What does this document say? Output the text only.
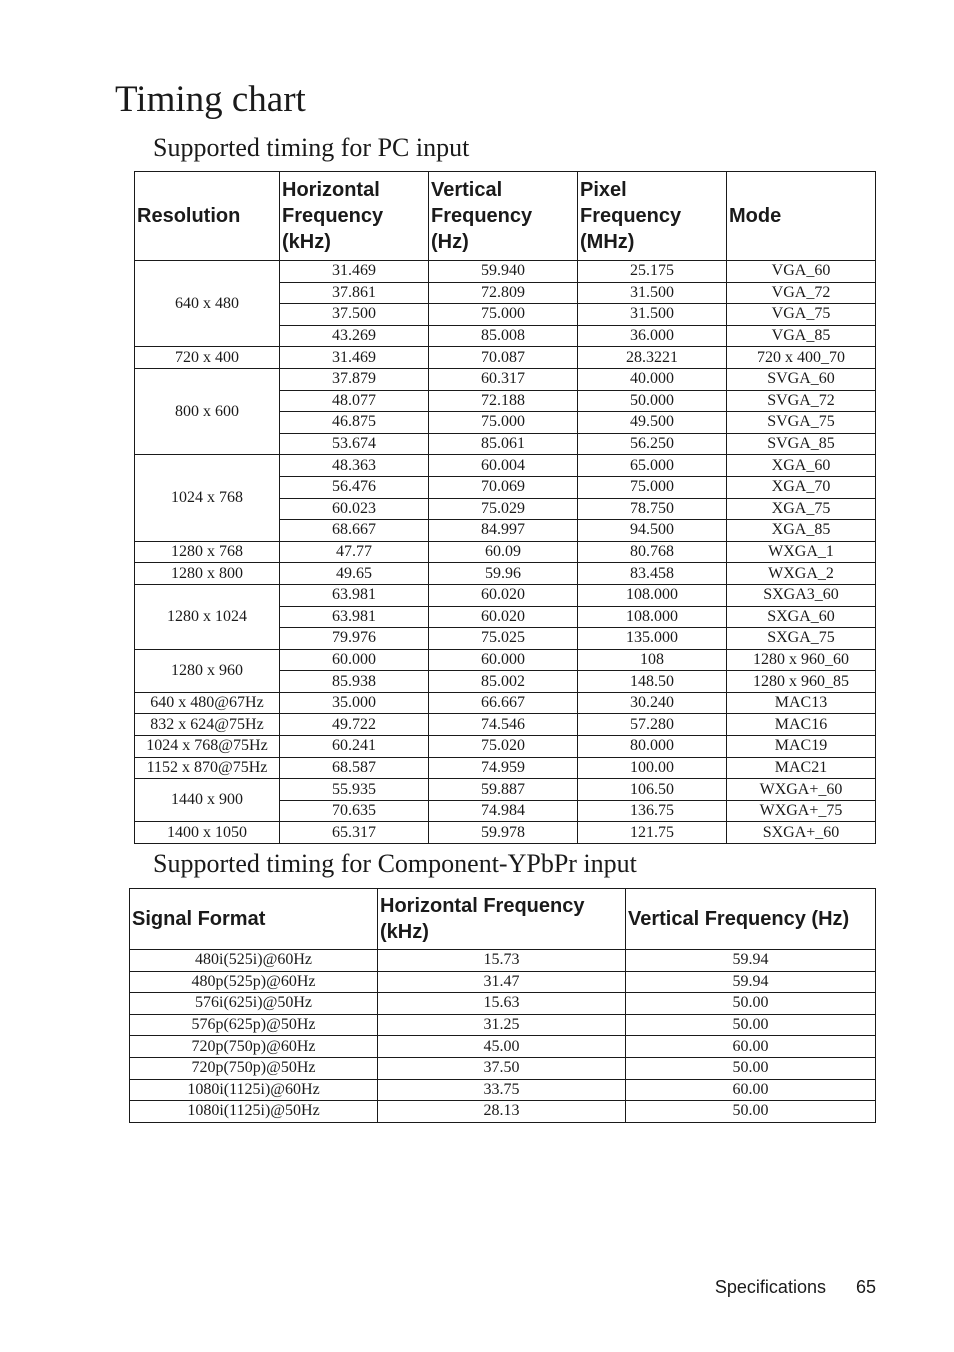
Timing chart
Supported timing for PC input
Resolution	Horizontal Frequency (kHz)	Vertical Frequency (Hz)	Pixel Frequency (MHz)	Mode
640 x 480	31.469	59.940	25.175	VGA_60
	37.861	72.809	31.500	VGA_72
	37.500	75.000	31.500	VGA_75
	43.269	85.008	36.000	VGA_85
720 x 400	31.469	70.087	28.3221	720 x 400_70
800 x 600	37.879	60.317	40.000	SVGA_60
	48.077	72.188	50.000	SVGA_72
	46.875	75.000	49.500	SVGA_75
	53.674	85.061	56.250	SVGA_85
1024 x 768	48.363	60.004	65.000	XGA_60
	56.476	70.069	75.000	XGA_70
	60.023	75.029	78.750	XGA_75
	68.667	84.997	94.500	XGA_85
1280 x 768	47.77	60.09	80.768	WXGA_1
1280 x 800	49.65	59.96	83.458	WXGA_2
1280 x 1024	63.981	60.020	108.000	SXGA3_60
	63.981	60.020	108.000	SXGA_60
	79.976	75.025	135.000	SXGA_75
1280 x 960	60.000	60.000	108	1280 x 960_60
	85.938	85.002	148.50	1280 x 960_85
640 x 480@67Hz	35.000	66.667	30.240	MAC13
832 x 624@75Hz	49.722	74.546	57.280	MAC16
1024 x 768@75Hz	60.241	75.020	80.000	MAC19
1152 x 870@75Hz	68.587	74.959	100.00	MAC21
1440 x 900	55.935	59.887	106.50	WXGA+_60
	70.635	74.984	136.75	WXGA+_75
1400 x 1050	65.317	59.978	121.75	SXGA+_60
Supported timing for Component-YPbPr input
Signal Format	Horizontal Frequency (kHz)	Vertical Frequency (Hz)
480i(525i)@60Hz	15.73	59.94
480p(525p)@60Hz	31.47	59.94
576i(625i)@50Hz	15.63	50.00
576p(625p)@50Hz	31.25	50.00
720p(750p)@60Hz	45.00	60.00
720p(750p)@50Hz	37.50	50.00
1080i(1125i)@60Hz	33.75	60.00
1080i(1125i)@50Hz	28.13	50.00
Specifications 65
